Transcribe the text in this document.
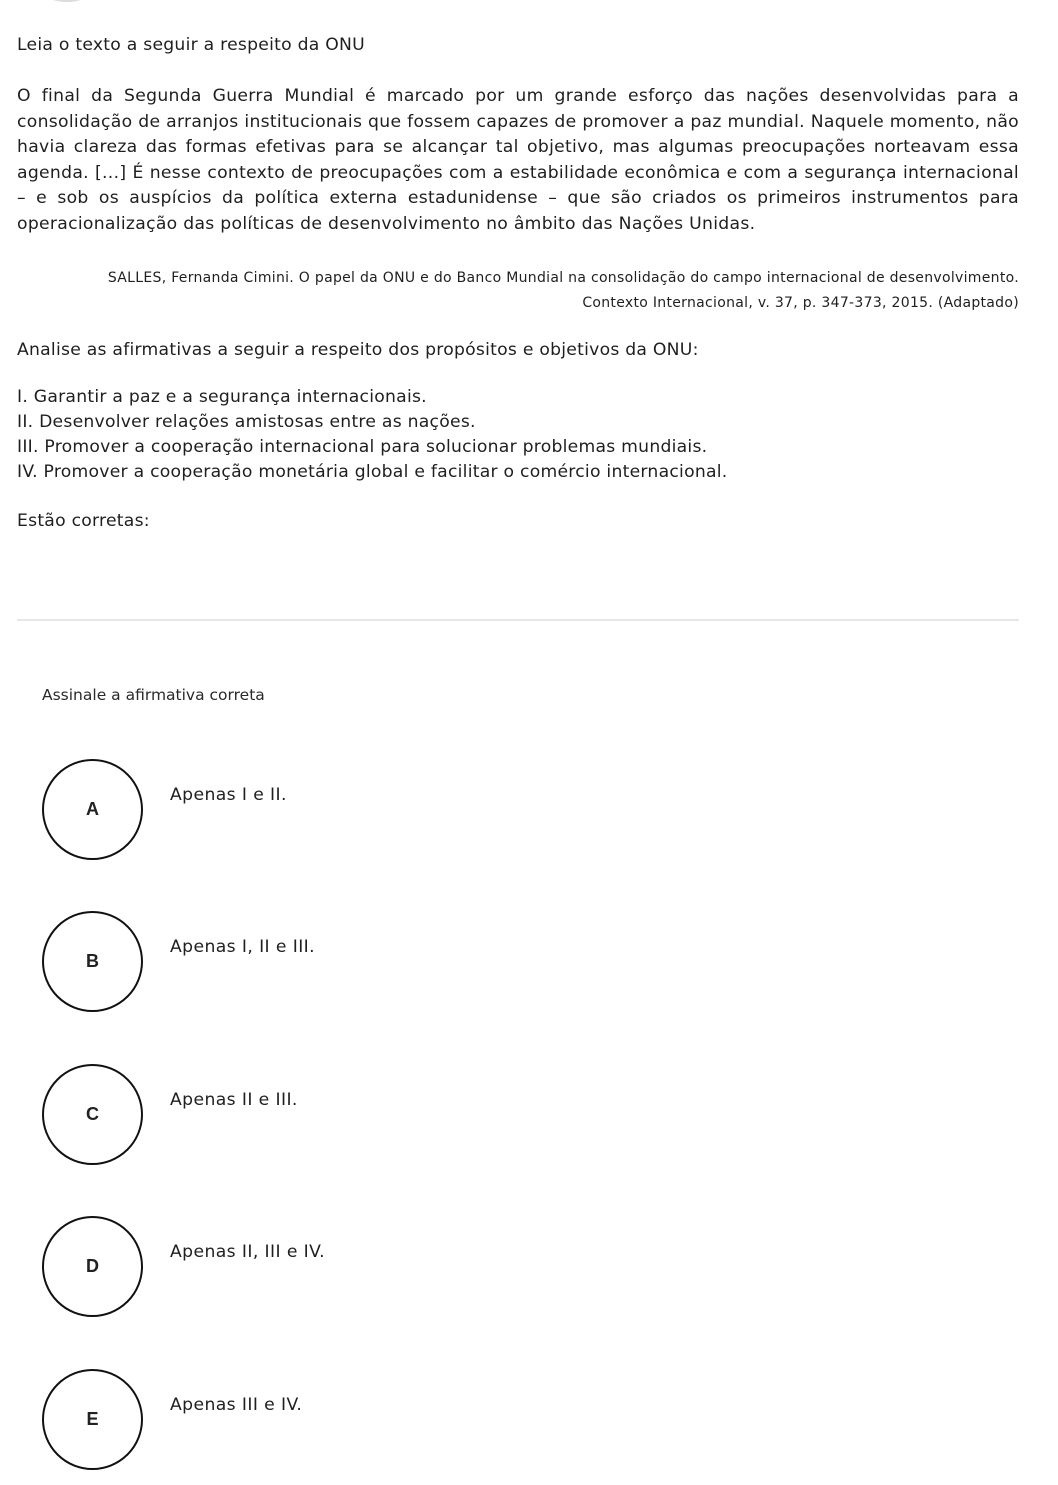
Leia o texto a seguir a respeito da ONU

O final da Segunda Guerra Mundial é marcado por um grande esforço das nações desenvolvidas para a consolidação de arranjos institucionais que fossem capazes de promover a paz mundial. Naquele momento, não havia clareza das formas efetivas para se alcançar tal objetivo, mas algumas preocupações norteavam essa agenda. [...] É nesse contexto de preocupações com a estabilidade econômica e com a segurança internacional – e sob os auspícios da política externa estadunidense – que são criados os primeiros instrumentos para operacionalização das políticas de desenvolvimento no âmbito das Nações Unidas.

SALLES, Fernanda Cimini. O papel da ONU e do Banco Mundial na consolidação do campo internacional de desenvolvimento.
Contexto Internacional, v. 37, p. 347-373, 2015. (Adaptado)

Analise as afirmativas a seguir a respeito dos propósitos e objetivos da ONU:

I. Garantir a paz e a segurança internacionais.
II. Desenvolver relações amistosas entre as nações.
III. Promover a cooperação internacional para solucionar problemas mundiais.
IV. Promover a cooperação monetária global e facilitar o comércio internacional.

Estão corretas:

Assinale a afirmativa correta
A
Apenas I e II.
B
Apenas I, II e III.
C
Apenas II e III.
D
Apenas II, III e IV.
E
Apenas III e IV.
